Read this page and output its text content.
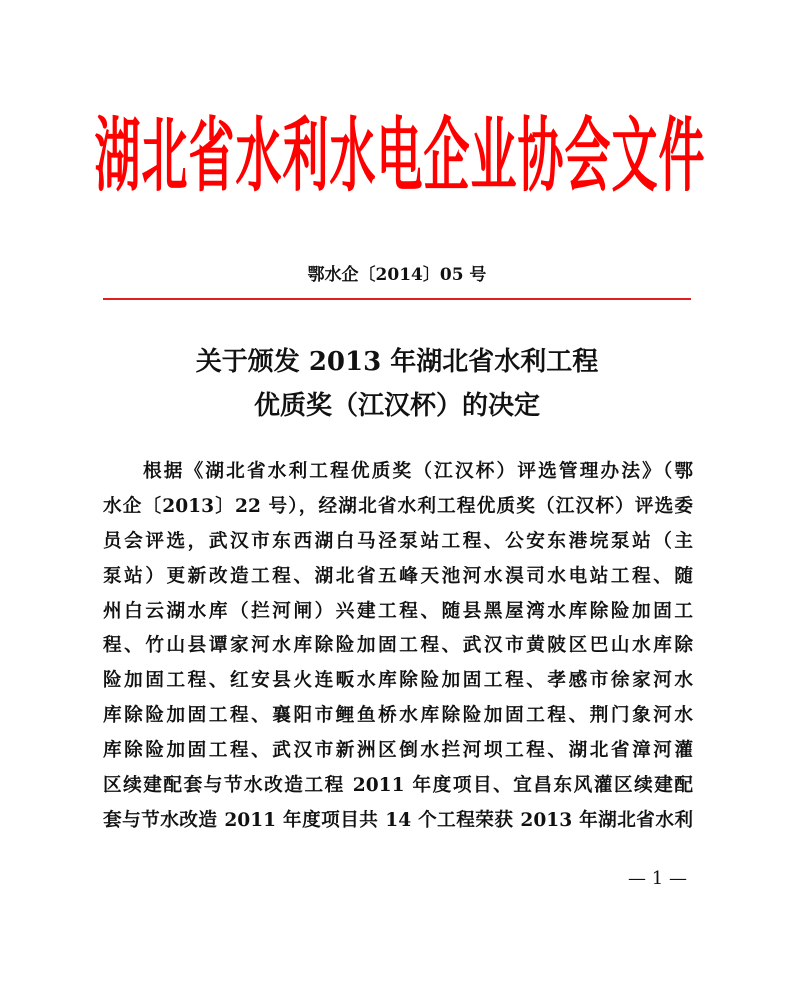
湖北省水利水电企业协会文件
鄂水企〔2014〕05 号
关于颁发 2013 年湖北省水利工程
优质奖（江汉杯）的决定
根据《湖北省水利工程优质奖（江汉杯）评选管理办法》（鄂
水企〔2013〕22 号），经湖北省水利工程优质奖（江汉杯）评选委
员会评选，武汉市东西湖白马泾泵站工程、公安东港垸泵站（主
泵站）更新改造工程、湖北省五峰天池河水淏司水电站工程、随
州白云湖水库（拦河闸）兴建工程、随县黑屋湾水库除险加固工
程、竹山县谭家河水库除险加固工程、武汉市黄陂区巴山水库除
险加固工程、红安县火连畈水库除险加固工程、孝感市徐家河水
库除险加固工程、襄阳市鲤鱼桥水库除险加固工程、荆门象河水
库除险加固工程、武汉市新洲区倒水拦河坝工程、湖北省漳河灌
区续建配套与节水改造工程 2011 年度项目、宜昌东风灌区续建配
套与节水改造 2011 年度项目共 14 个工程荣获 2013 年湖北省水利
— 1 —
